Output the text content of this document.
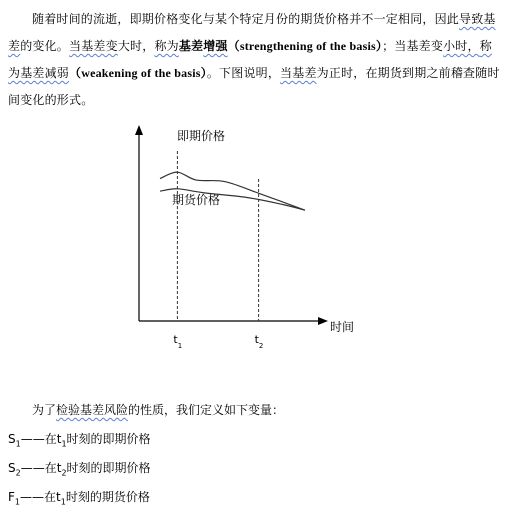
随着时间的流逝，即期价格变化与某个特定月份的期货价格并不一定相同，因此导致基

差的变化。当基差变大时，称为基差增强（strengthening of the basis）；当基差变小时，称

为基差减弱（weakening of the basis）。下图说明，当基差为正时，在期货到期之前稽查随时

间变化的形式。

时间
即期价格
期货价格
$t_1$	$t_2$
为了检验基差风险的性质，我们定义如下变量：
$S_1——$在$t_1$时刻的即期价格
$S_2——$在$t_2$时刻的即期价格
$F_1——$在$t_1$时刻的期货价格
